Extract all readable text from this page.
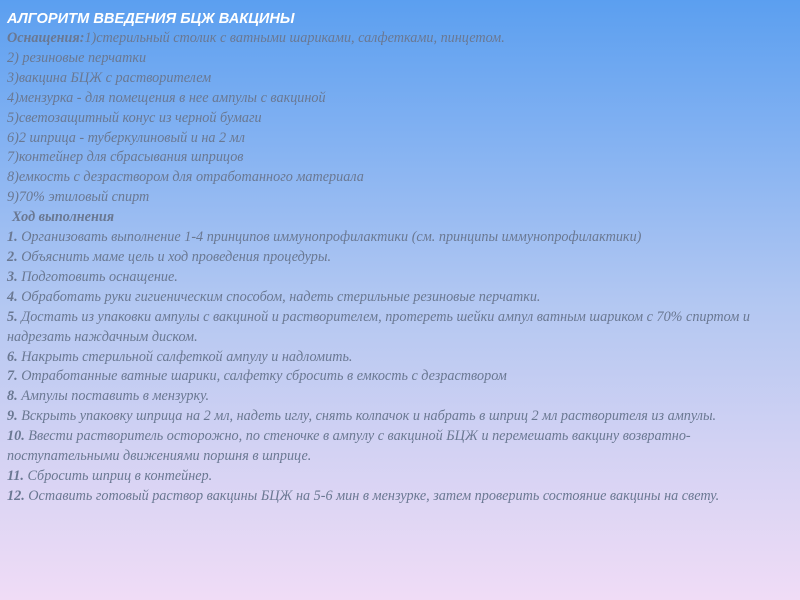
АЛГОРИТМ ВВЕДЕНИЯ БЦЖ ВАКЦИНЫ
Оснащения:1)стерильный столик с ватными шариками, салфетками, пинцетом.
2) резиновые перчатки
3)вакцина БЦЖ с растворителем
4)мензурка - для помещения в нее ампулы с вакциной
5)светозащитный конус из черной бумаги
6)2 шприца - туберкулиновый и на 2 мл
7)контейнер для сбрасывания шприцов
8)емкость с дезраствором для отработанного материала
9)70% этиловый спирт
Ход выполнения
1. Организовать выполнение 1-4 принципов иммунопрофилактики (см. принципы иммунопрофилактики)
2. Объяснить маме цель и ход проведения процедуры.
3. Подготовить оснащение.
4. Обработать руки гигиеническим способом, надеть стерильные резиновые перчатки.
5. Достать из упаковки ампулы с вакциной и растворителем, протереть шейки ампул ватным шариком с 70% спиртом и надрезать наждачным диском.
6. Накрыть стерильной салфеткой ампулу и надломить.
7. Отработанные ватные шарики, салфетку сбросить в емкость с дезраствором
8. Ампулы поставить в мензурку.
9. Вскрыть упаковку шприца на 2 мл, надеть иглу, снять колпачок и набрать в шприц 2 мл растворителя из ампулы.
10. Ввести растворитель осторожно, по стеночке в ампулу с вакциной БЦЖ и перемешать вакцину возвратно-поступательными движениями поршня в шприце.
11. Сбросить шприц в контейнер.
12. Оставить готовый раствор вакцины БЦЖ на 5-6 мин в мензурке, затем проверить состояние вакцины на свету.
